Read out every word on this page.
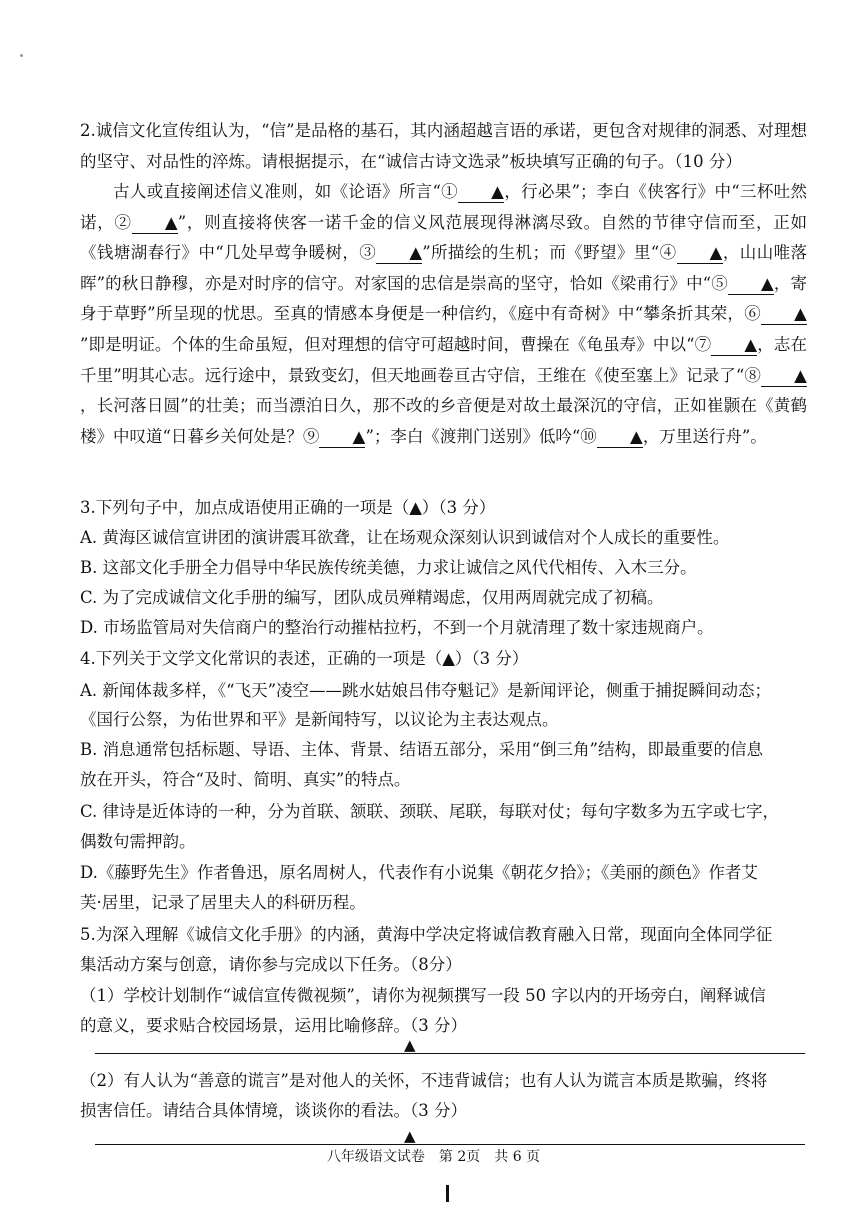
2.诚信文化宣传组认为，“信”是品格的基石，其内涵超越言语的承诺，更包含对规律的洞悉、对理想的坚守、对品性的淬炼。请根据提示，在“诚信古诗文选录”板块填写正确的句子。（10 分）
古人或直接阐述信义准则，如《论语》所言“① ▲，行必果”；李白《侠客行》中“三杯吐然诺，② ▲”，则直接将侠客一诺千金的信义风范展现得淋漓尽致。自然的节律守信而至，正如《钱塘湖春行》中“几处早莺争暖树，③ ▲”所描绘的生机；而《野望》里“④ ▲，山山唯落晖”的秋日静穆，亦是对时序的信守。对家国的忠信是崇高的坚守，恰如《梁甫行》中“⑤ ▲，寄身于草野”所呈现的忧思。至真的情感本身便是一种信约，《庭中有奇树》中“攀条折其荣，⑥ ▲”即是明证。个体的生命虽短，但对理想的信守可超越时间，曹操在《龟虽寿》中以“⑦ ▲，志在千里”明其心志。远行途中，景致变幻，但天地画卷亘古守信，王维在《使至塞上》记录了“⑧ ▲，长河落日圆”的壮美；而当漂泊日久，那不改的乡音便是对故土最深沉的守信，正如崔颢在《黄鹤楼》中叹道“日暮乡关何处是？⑨ ▲”；李白《渡荆门送别》低吟“⑩ ▲，万里送行舟”。
3.下列句子中，加点成语使用正确的一项是（▲）（3 分）
A. 黄海区诚信宣讲团的演讲震耳欲聋，让在场观众深刻认识到诚信对个人成长的重要性。
B. 这部文化手册全力倡导中华民族传统美德，力求让诚信之风代代相传、入木三分。
C. 为了完成诚信文化手册的编写，团队成员殚精竭虑，仅用两周就完成了初稿。
D. 市场监管局对失信商户的整治行动摧枯拉朽，不到一个月就清理了数十家违规商户。
4.下列关于文学文化常识的表述，正确的一项是（▲）（3 分）
A. 新闻体裁多样，《“飞天”凌空——跳水姑娘吕伟夺魁记》是新闻评论，侧重于捕捉瞬间动态；
《国行公祭，为佑世界和平》是新闻特写，以议论为主表达观点。
B. 消息通常包括标题、导语、主体、背景、结语五部分，采用“倒三角”结构，即最重要的信息
放在开头，符合“及时、简明、真实”的特点。
C. 律诗是近体诗的一种，分为首联、颔联、颈联、尾联，每联对仗；每句字数多为五字或七字，
偶数句需押韵。
D.《藤野先生》作者鲁迅，原名周树人，代表作有小说集《朝花夕拾》；《美丽的颜色》作者艾
芙·居里，记录了居里夫人的科研历程。
5.为深入理解《诚信文化手册》的内涵，黄海中学决定将诚信教育融入日常，现面向全体同学征
集活动方案与创意，请你参与完成以下任务。（8分）
（1）学校计划制作“诚信宣传微视频”，请你为视频撰写一段 50 字以内的开场旁白，阐释诚信
的意义，要求贴合校园场景，运用比喻修辞。（3 分）
▲
（2）有人认为“善意的谎言”是对他人的关怀，不违背诚信；也有人认为谎言本质是欺骗，终将
损害信任。请结合具体情境，谈谈你的看法。（3 分）
▲
八年级语文试卷　第 2页　共 6 页
